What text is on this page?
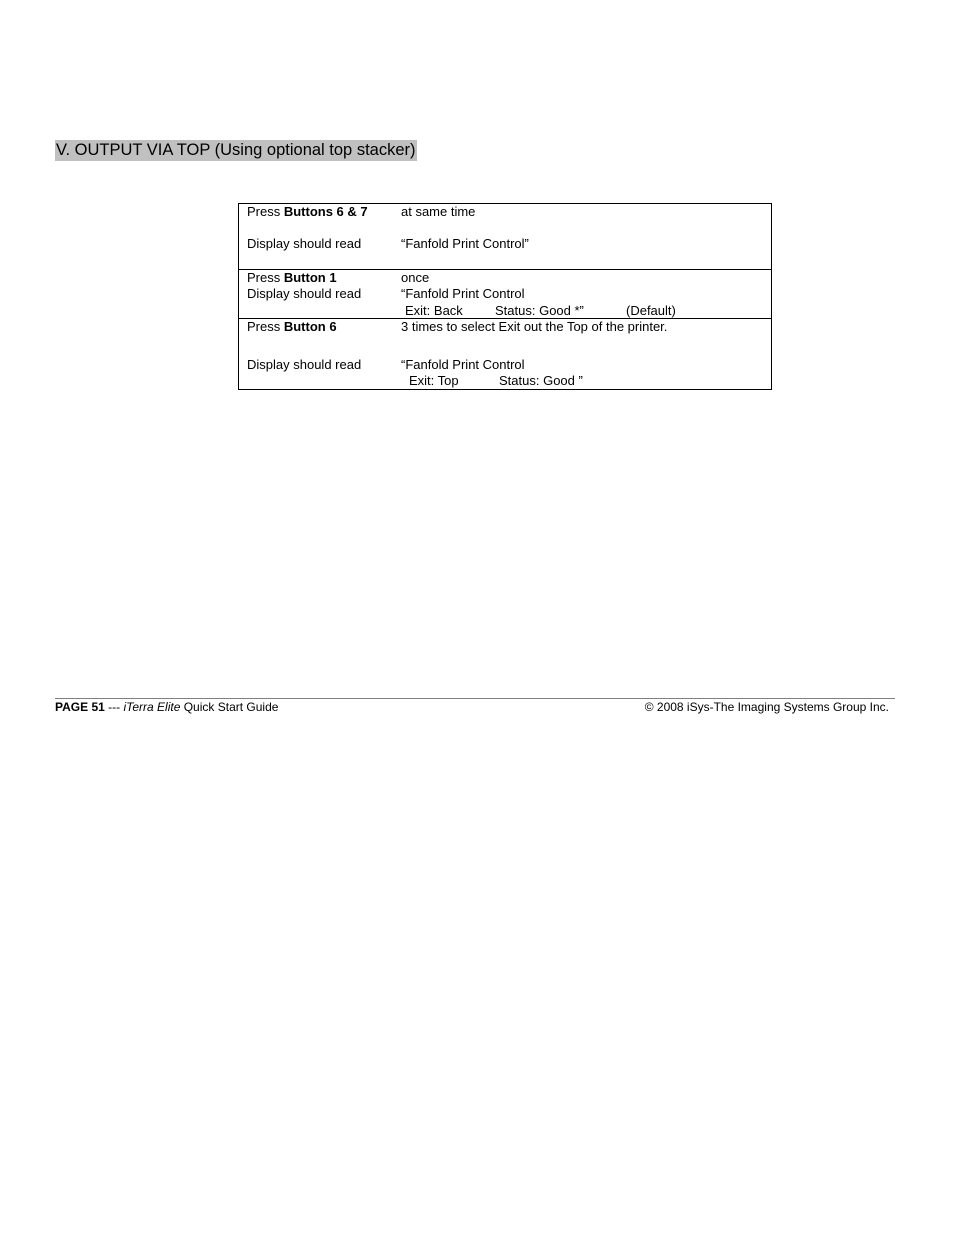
V. OUTPUT VIA TOP (Using optional top stacker)
Press Buttons 6 & 7	at same time
Display should read	“Fanfold Print Control”
Press Button 1	once
Display should read	“Fanfold Print Control
Exit: Back Status: Good *”	(Default)
Press Button 6	3 times to select Exit out the Top of the printer.
Display should read	“Fanfold Print Control
Exit: Top	Status: Good ”
PAGE 51 --- iTerra Elite Quick Start Guide	© 2008 iSys-The Imaging Systems Group Inc.
